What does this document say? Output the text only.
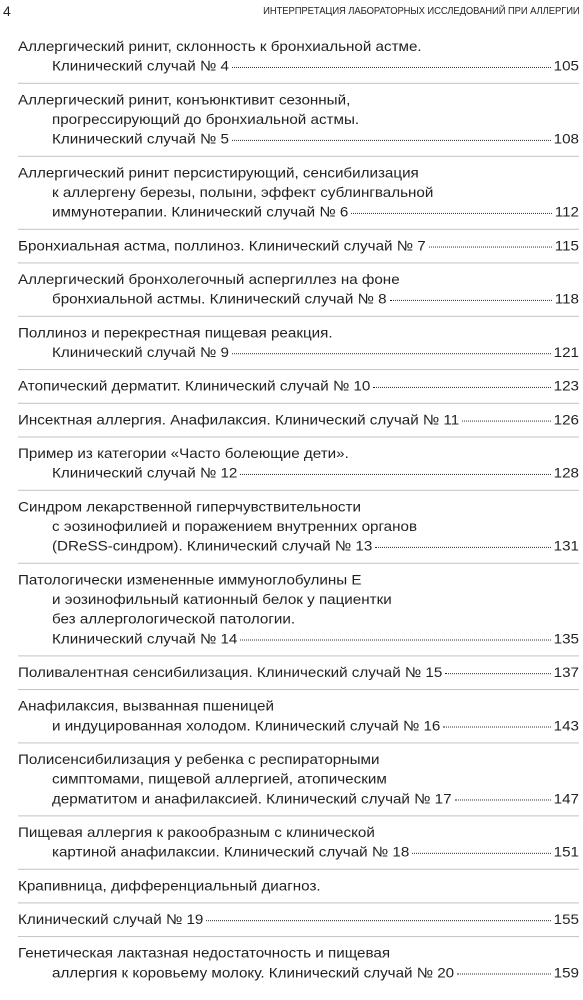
4	ИНТЕРПРЕТАЦИЯ ЛАБОРАТОРНЫХ ИССЛЕДОВАНИЙ ПРИ АЛЛЕРГИИ
Аллергический ринит, склонность к бронхиальной астме.
Клинический случай № 4	105
Аллергический ринит, конъюнктивит сезонный,
прогрессирующий до бронхиальной астмы.
Клинический случай № 5	108
Аллергический ринит персистирующий, сенсибилизация
к аллергену березы, полыни, эффект сублингвальной
иммунотерапии. Клинический случай № 6	112
Бронхиальная астма, поллиноз. Клинический случай № 7	115
Аллергический бронхолегочный аспергиллез на фоне
бронхиальной астмы. Клинический случай № 8	118
Поллиноз и перекрестная пищевая реакция.
Клинический случай № 9	121
Атопический дерматит. Клинический случай № 10	123
Инсектная аллергия. Анафилаксия. Клинический случай № 11	126
Пример из категории «Часто болеющие дети».
Клинический случай № 12	128
Синдром лекарственной гиперчувствительности
с эозинофилией и поражением внутренних органов
(DReSS-синдром). Клинический случай № 13	131
Патологически измененные иммуноглобулины Е
и эозинофильный катионный белок у пациентки
без аллергологической патологии.
Клинический случай № 14	135
Поливалентная сенсибилизация. Клинический случай № 15	137
Анафилаксия, вызванная пшеницей
и индуцированная холодом. Клинический случай № 16	143
Полисенсибилизация у ребенка с респираторными
симптомами, пищевой аллергией, атопическим
дерматитом и анафилаксией. Клинический случай № 17	147
Пищевая аллергия к ракообразным с клинической
картиной анафилаксии. Клинический случай № 18	151
Крапивница, дифференциальный диагноз.
Клинический случай № 19	155
Генетическая лактазная недостаточность и пищевая
аллергия к коровьему молоку. Клинический случай № 20	159
